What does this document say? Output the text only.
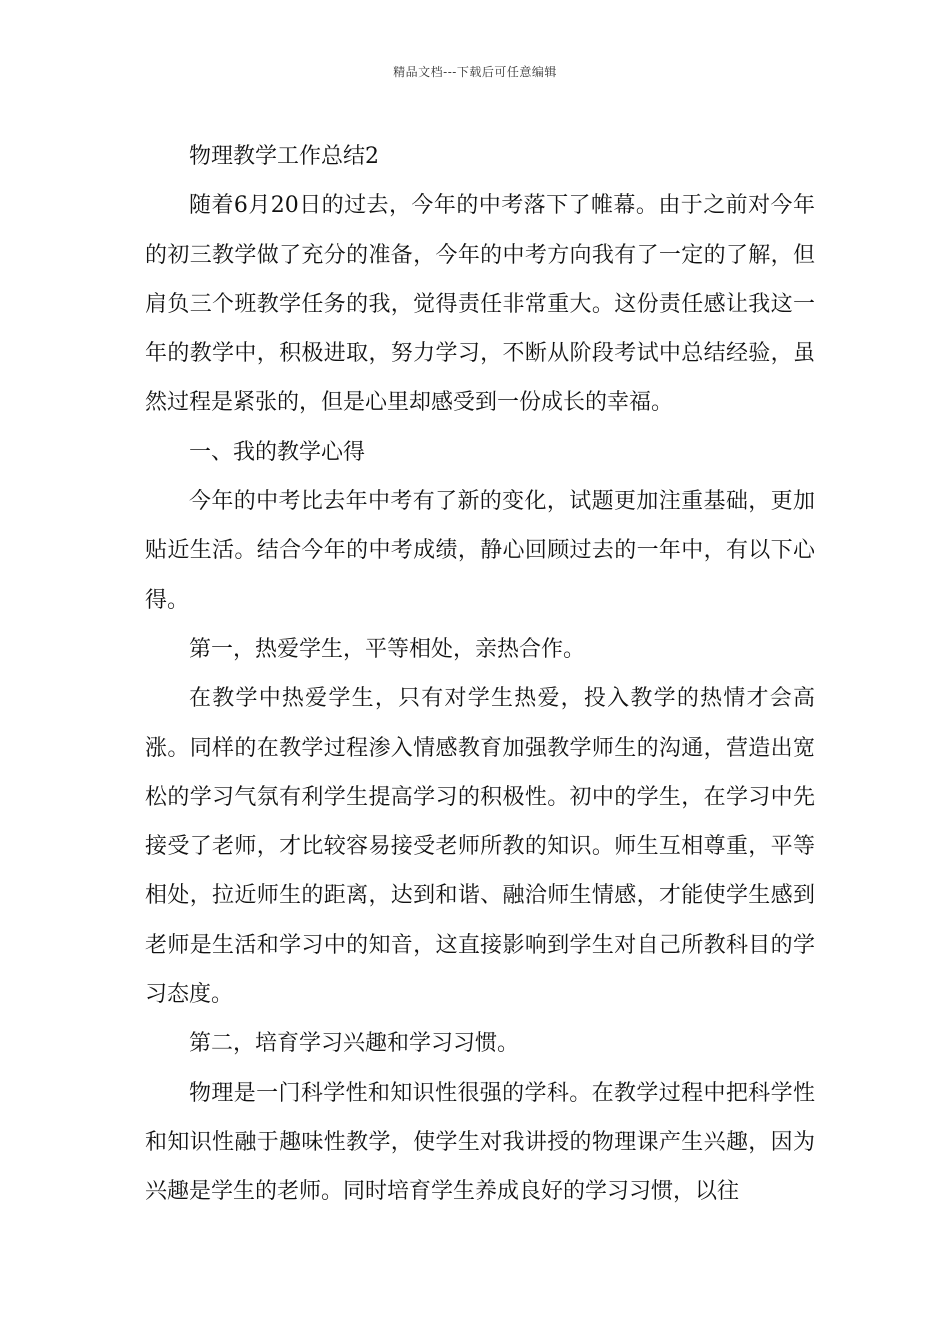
精品文档---下载后可任意编辑

物理教学工作总结2

随着6月20日的过去，今年的中考落下了帷幕。由于之前对今年的初三教学做了充分的准备，今年的中考方向我有了一定的了解，但肩负三个班教学任务的我，觉得责任非常重大。这份责任感让我这一年的教学中，积极进取，努力学习，不断从阶段考试中总结经验，虽然过程是紧张的，但是心里却感受到一份成长的幸福。

一、我的教学心得

今年的中考比去年中考有了新的变化，试题更加注重基础，更加贴近生活。结合今年的中考成绩，静心回顾过去的一年中，有以下心得。

第一，热爱学生，平等相处，亲热合作。

在教学中热爱学生，只有对学生热爱，投入教学的热情才会高涨。同样的在教学过程渗入情感教育加强教学师生的沟通，营造出宽松的学习气氛有利学生提高学习的积极性。初中的学生，在学习中先接受了老师，才比较容易接受老师所教的知识。师生互相尊重，平等相处，拉近师生的距离，达到和谐、融洽师生情感，才能使学生感到老师是生活和学习中的知音，这直接影响到学生对自己所教科目的学习态度。

第二，培育学习兴趣和学习习惯。

物理是一门科学性和知识性很强的学科。在教学过程中把科学性和知识性融于趣味性教学，使学生对我讲授的物理课产生兴趣，因为兴趣是学生的老师。同时培育学生养成良好的学习习惯，以往
